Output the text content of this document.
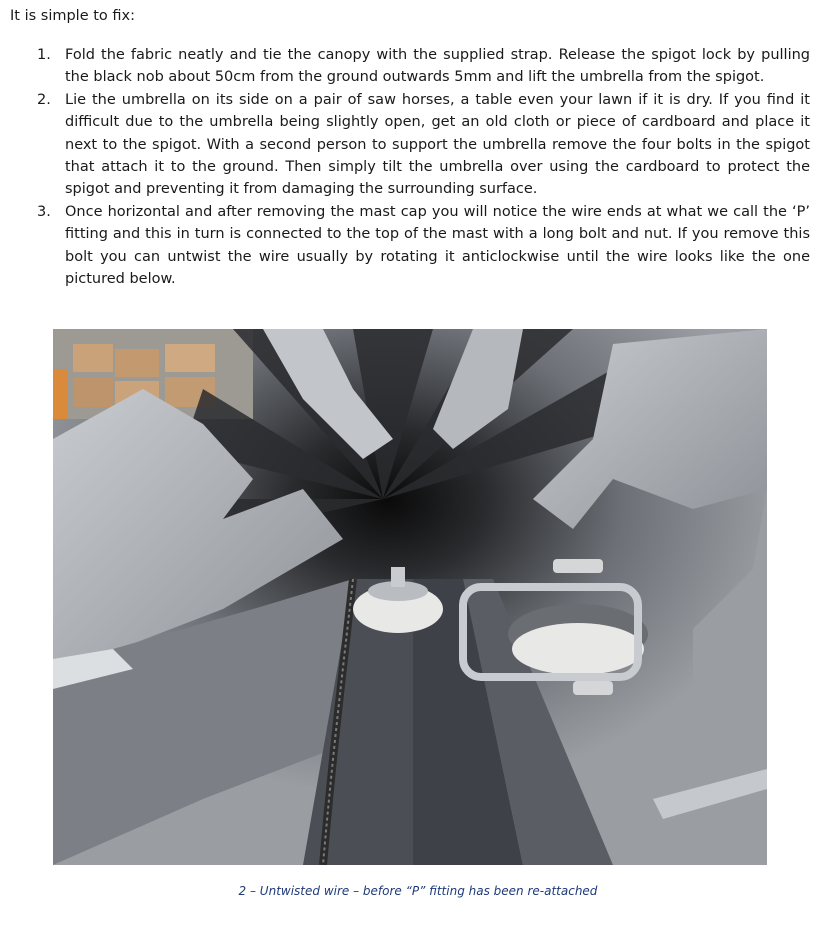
It is simple to fix:
1. Fold the fabric neatly and tie the canopy with the supplied strap. Release the spigot lock by pulling the black nob about 50cm from the ground outwards 5mm and lift the umbrella from the spigot.
2. Lie the umbrella on its side on a pair of saw horses, a table even your lawn if it is dry. If you find it difficult due to the umbrella being slightly open, get an old cloth or piece of cardboard and place it next to the spigot. With a second person to support the umbrella remove the four bolts in the spigot that attach it to the ground. Then simply tilt the umbrella over using the cardboard to protect the spigot and preventing it from damaging the surrounding surface.
3. Once horizontal and after removing the mast cap you will notice the wire ends at what we call the ‘P’ fitting and this in turn is connected to the top of the mast with a long bolt and nut. If you remove this bolt you can untwist the wire usually by rotating it anticlockwise until the wire looks like the one pictured below.
2 – Untwisted wire – before “P” fitting has been re-attached
